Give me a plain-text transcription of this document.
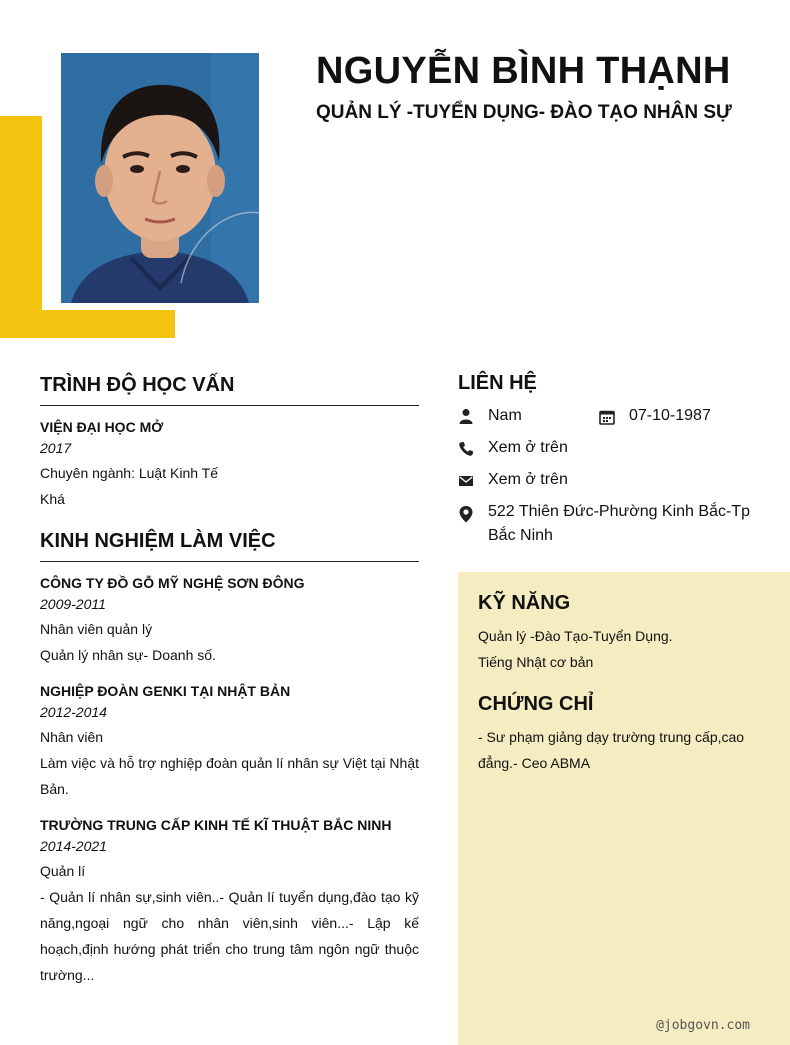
NGUYỄN BÌNH THẠNH
QUẢN LÝ -TUYỂN DỤNG- ĐÀO TẠO NHÂN SỰ
TRÌNH ĐỘ HỌC VẤN
VIỆN ĐẠI HỌC MỞ
2017
Chuyên ngành: Luật Kinh Tế
Khá
KINH NGHIỆM LÀM VIỆC
CÔNG TY ĐỒ GỖ MỸ NGHỆ SƠN ĐÔNG
2009-2011
Nhân viên quản lý
Quản lý nhân sự- Doanh số.
NGHIỆP ĐOÀN GENKI TẠI NHẬT BẢN
2012-2014
Nhân viên
Làm việc và hỗ trợ nghiệp đoàn quản lí nhân sự Việt tại Nhật Bản.
TRƯỜNG TRUNG CẤP KINH TẾ KĨ THUẬT BẮC NINH
2014-2021
Quản lí
- Quản lí nhân sự,sinh viên..- Quản lí tuyển dụng,đào tạo kỹ năng,ngoại ngữ cho nhân viên,sinh viên...- Lập kế hoạch,định hướng phát triển cho trung tâm ngôn ngữ thuộc trường...
LIÊN HỆ
Nam	07-10-1987
Xem ở trên
Xem ở trên
522 Thiên Đức-Phường Kinh Bắc-Tp Bắc Ninh
KỸ NĂNG
Quản lý -Đào Tạo-Tuyển Dụng.
Tiếng Nhật cơ bản
CHỨNG CHỈ
- Sư phạm giảng dạy trường trung cấp,cao đẳng.- Ceo ABMA
@jobgovn.com
